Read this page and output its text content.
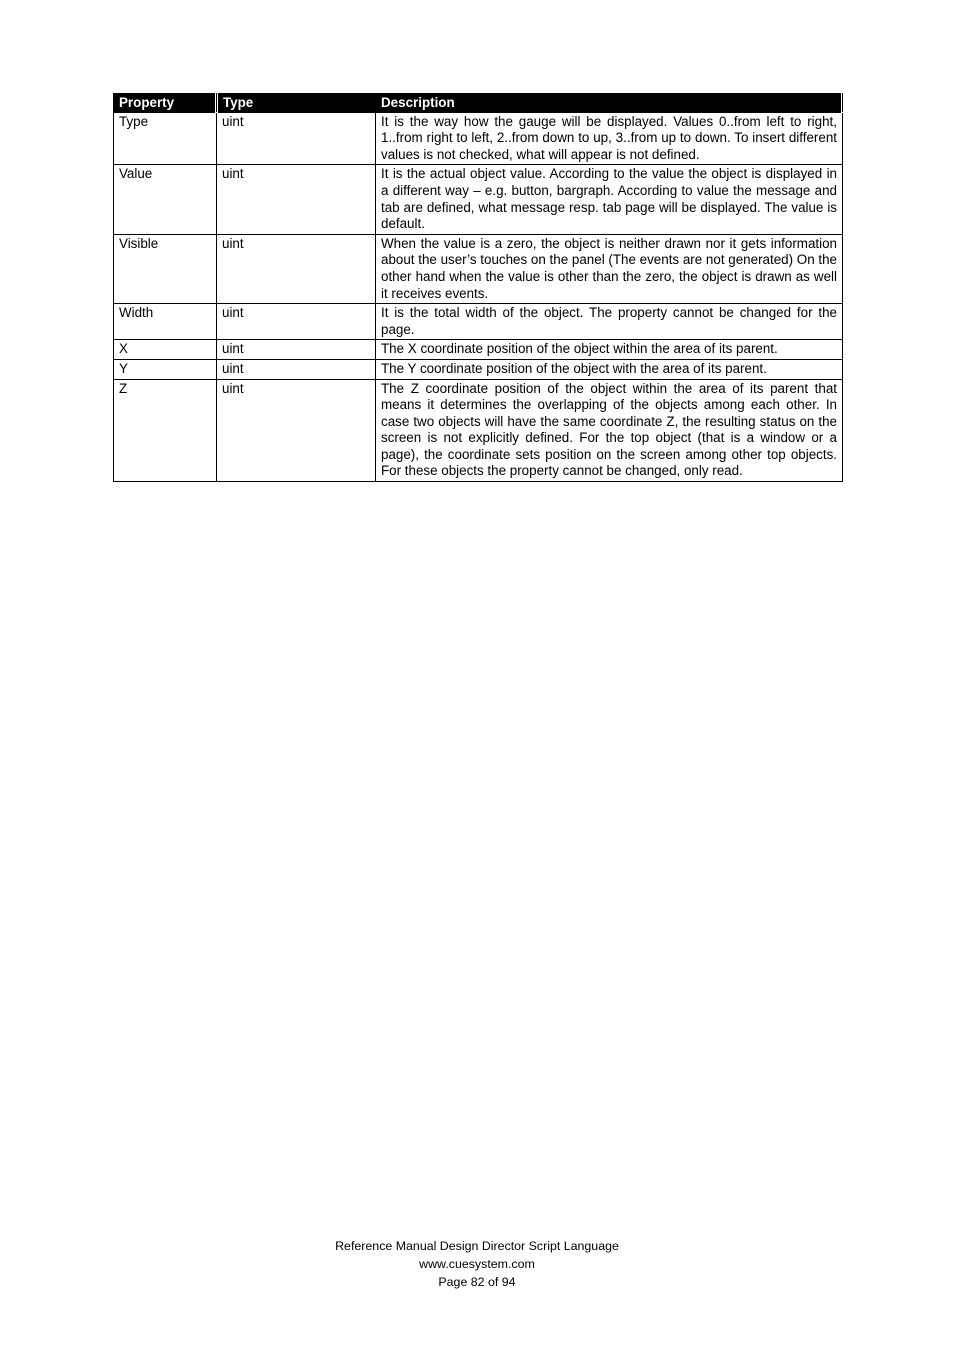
Property	Type	Description
Type	uint	It is the way how the gauge will be displayed. Values 0..from left to right, 1..from right to left, 2..from down to up, 3..from up to down. To insert different values is not checked, what will appear is not defined.
Value	uint	It is the actual object value. According to the value the object is displayed in a different way – e.g. button, bargraph. According to value the message and tab are defined, what message resp. tab page will be displayed. The value is default.
Visible	uint	When the value is a zero, the object is neither drawn nor it gets information about the user’s touches on the panel (The events are not generated) On the other hand when the value is other than the zero, the object is drawn as well it receives events.
Width	uint	It is the total width of the object. The property cannot be changed for the page.
X	uint	The X coordinate position of the object within the area of its parent.
Y	uint	The Y coordinate position of the object with the area of its parent.
Z	uint	The Z coordinate position of the object within the area of its parent that means it determines the overlapping of the objects among each other. In case two objects will have the same coordinate Z, the resulting status on the screen is not explicitly defined. For the top object (that is a window or a page), the coordinate sets position on the screen among other top objects. For these objects the property cannot be changed, only read.
Reference Manual Design Director Script Language
www.cuesystem.com
Page 82 of 94
